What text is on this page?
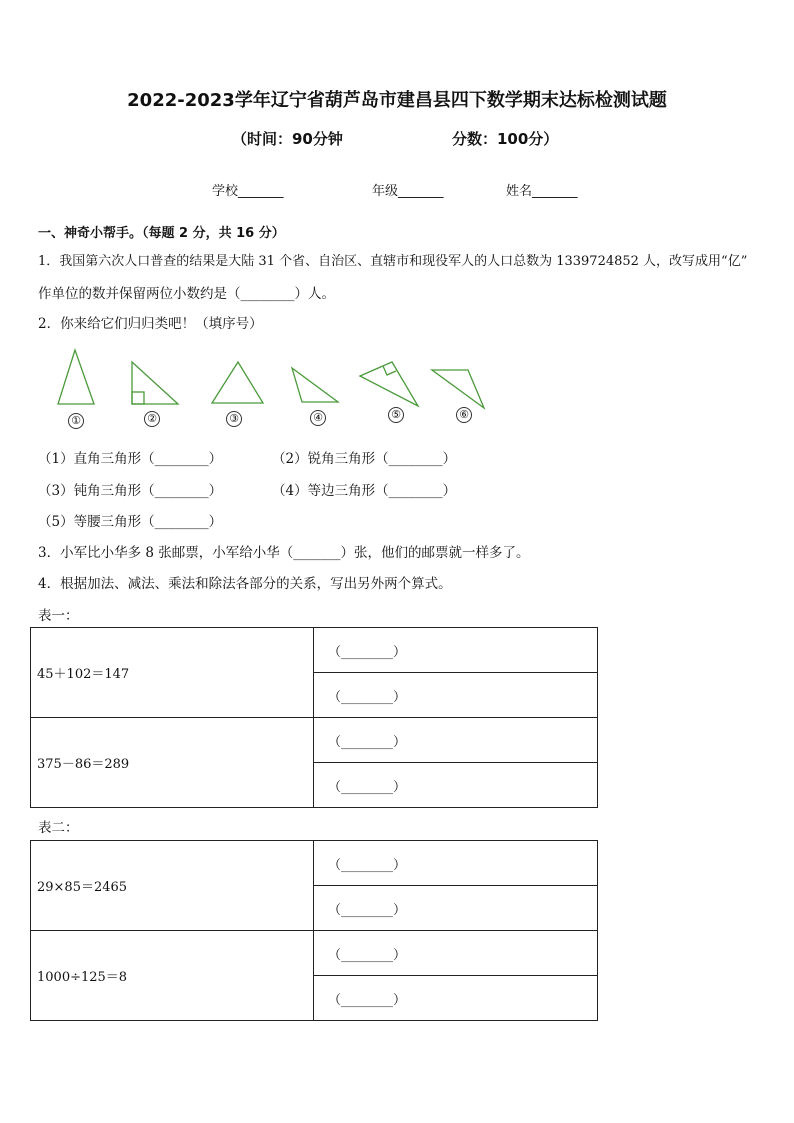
2022-2023学年辽宁省葫芦岛市建昌县四下数学期末达标检测试题
（时间：90分钟	分数：100分）
学校_______	年级_______	姓名_______
一、神奇小帮手。（每题 2 分，共 16 分）
1．我国第六次人口普查的结果是大陆 31 个省、自治区、直辖市和现役军人的人口总数为 1339724852 人，改写成用“亿”
作单位的数并保留两位小数约是（________）人。
2．你来给它们归归类吧！（填序号）
①	②	③	④	⑤	⑥
（1）直角三角形（________）	（2）锐角三角形（________）
（3）钝角三角形（________）	（4）等边三角形（________）
（5）等腰三角形（________）
3．小军比小华多 8 张邮票，小军给小华（_______）张，他们的邮票就一样多了。
4．根据加法、减法、乘法和除法各部分的关系，写出另外两个算式。
表一：
45＋102＝147	（________）
	（________）
375－86＝289	（________）
	（________）
表二：
29×85＝2465	（________）
	（________）
1000÷125＝8	（________）
	（________）
